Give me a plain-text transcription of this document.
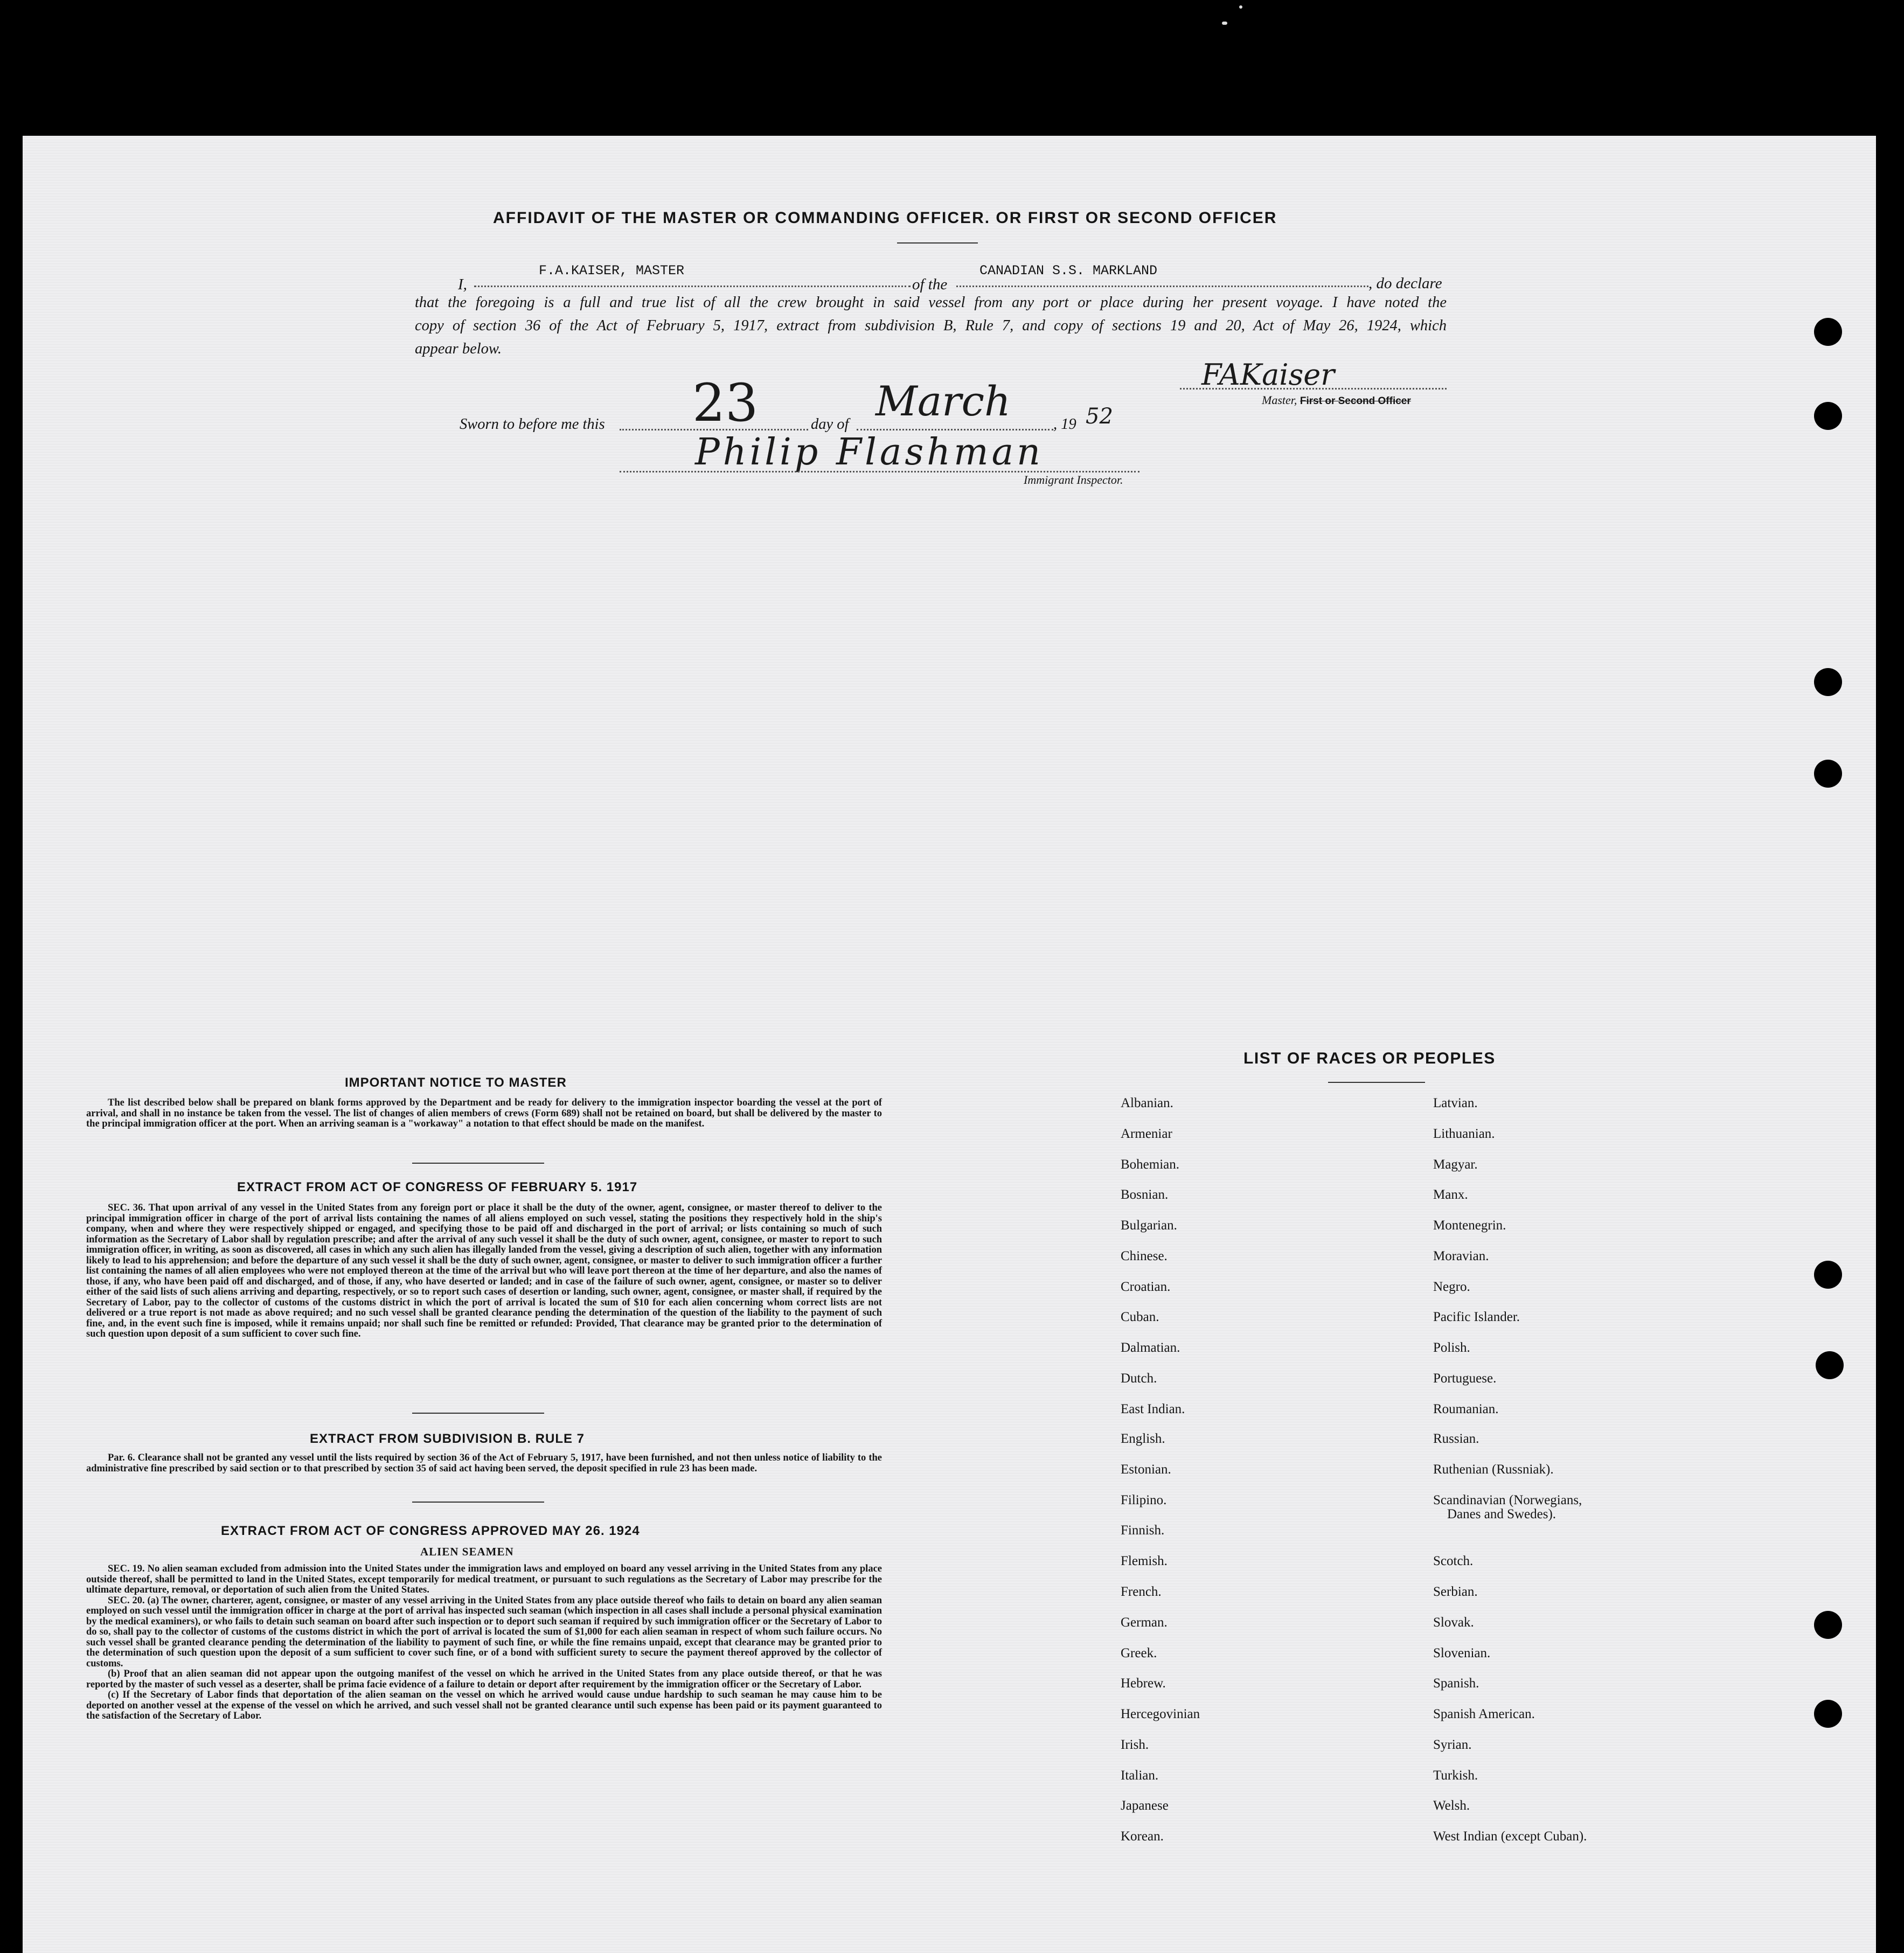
AFFIDAVIT OF THE MASTER OR COMMANDING OFFICER. OR FIRST OR SECOND OFFICER
I,
F.A.KAISER, MASTER
of the
CANADIAN S.S. MARKLAND
, do declare
that the foregoing is a full and true list of all the crew brought in said vessel from any port or place during her present voyage. I have noted the
copy of section 36 of the Act of February 5, 1917, extract from subdivision B, Rule 7, and copy of sections 19 and 20, Act of May 26, 1924, which
appear below.
FAKaiser
Master, First or Second Officer
Sworn to before me this 23	day of March	, 19 52
Philip Flashman
Immigrant Inspector.
IMPORTANT NOTICE TO MASTER

The list described below shall be prepared on blank forms approved by the Department and be ready for delivery to the immigration inspector boarding the vessel at the port of arrival, and shall in no instance be taken from the vessel. The list of changes of alien members of crews (Form 689) shall not be retained on board, but shall be delivered by the master to the principal immigration officer at the port. When an arriving seaman is a "workaway" a notation to that effect should be made on the manifest.

EXTRACT FROM ACT OF CONGRESS OF FEBRUARY 5. 1917

SEC. 36. That upon arrival of any vessel in the United States from any foreign port or place it shall be the duty of the owner, agent, consignee, or master thereof to deliver to the principal immigration officer in charge of the port of arrival lists containing the names of all aliens employed on such vessel, stating the positions they respectively hold in the ship's company, when and where they were respectively shipped or engaged, and specifying those to be paid off and discharged in the port of arrival; or lists containing so much of such information as the Secretary of Labor shall by regulation prescribe; and after the arrival of any such vessel it shall be the duty of such owner, agent, consignee, or master to report to such immigration officer, in writing, as soon as discovered, all cases in which any such alien has illegally landed from the vessel, giving a description of such alien, together with any information likely to lead to his apprehension; and before the departure of any such vessel it shall be the duty of such owner, agent, consignee, or master to deliver to such immigration officer a further list containing the names of all alien employees who were not employed thereon at the time of the arrival but who will leave port thereon at the time of her departure, and also the names of those, if any, who have been paid off and discharged, and of those, if any, who have deserted or landed; and in case of the failure of such owner, agent, consignee, or master so to deliver either of the said lists of such aliens arriving and departing, respectively, or so to report such cases of desertion or landing, such owner, agent, consignee, or master shall, if required by the Secretary of Labor, pay to the collector of customs of the customs district in which the port of arrival is located the sum of $10 for each alien concerning whom correct lists are not delivered or a true report is not made as above required; and no such vessel shall be granted clearance pending the determination of the question of the liability to the payment of such fine, and, in the event such fine is imposed, while it remains unpaid; nor shall such fine be remitted or refunded: Provided, That clearance may be granted prior to the determination of such question upon deposit of a sum sufficient to cover such fine.

EXTRACT FROM SUBDIVISION B. RULE 7

Par. 6. Clearance shall not be granted any vessel until the lists required by section 36 of the Act of February 5, 1917, have been furnished, and not then unless notice of liability to the administrative fine prescribed by said section or to that prescribed by section 35 of said act having been served, the deposit specified in rule 23 has been made.

EXTRACT FROM ACT OF CONGRESS APPROVED MAY 26. 1924
ALIEN SEAMEN

SEC. 19. No alien seaman excluded from admission into the United States under the immigration laws and employed on board any vessel arriving in the United States from any place outside thereof, shall be permitted to land in the United States, except temporarily for medical treatment, or pursuant to such regulations as the Secretary of Labor may prescribe for the ultimate departure, removal, or deportation of such alien from the United States.

SEC. 20. (a) The owner, charterer, agent, consignee, or master of any vessel arriving in the United States from any place outside thereof who fails to detain on board any alien seaman employed on such vessel until the immigration officer in charge at the port of arrival has inspected such seaman (which inspection in all cases shall include a personal physical examination by the medical examiners), or who fails to detain such seaman on board after such inspection or to deport such seaman if required by such immigration officer or the Secretary of Labor to do so, shall pay to the collector of customs of the customs district in which the port of arrival is located the sum of $1,000 for each alien seaman in respect of whom such failure occurs. No such vessel shall be granted clearance pending the determination of the liability to payment of such fine, or while the fine remains unpaid, except that clearance may be granted prior to the determination of such question upon the deposit of a sum sufficient to cover such fine, or of a bond with sufficient surety to secure the payment thereof approved by the collector of customs.

(b) Proof that an alien seaman did not appear upon the outgoing manifest of the vessel on which he arrived in the United States from any place outside thereof, or that he was reported by the master of such vessel as a deserter, shall be prima facie evidence of a failure to detain or deport after requirement by the immigration officer or the Secretary of Labor.

(c) If the Secretary of Labor finds that deportation of the alien seaman on the vessel on which he arrived would cause undue hardship to such seaman he may cause him to be deported on another vessel at the expense of the vessel on which he arrived, and such vessel shall not be granted clearance until such expense has been paid or its payment guaranteed to the satisfaction of the Secretary of Labor.

LIST OF RACES OR PEOPLES
Albanian.
Armeniar
Bohemian.
Bosnian.
Bulgarian.
Chinese.
Croatian.
Cuban.
Dalmatian.
Dutch.
East Indian.
English.
Estonian.
Filipino.
Finnish.
Flemish.
French.
German.
Greek.
Hebrew.
Hercegovinian
Irish.
Italian.
Japanese
Korean.
Latvian.
Lithuanian.
Magyar.
Manx.
Montenegrin.
Moravian.
Negro.
Pacific Islander.
Polish.
Portuguese.
Roumanian.
Russian.
Ruthenian (Russniak).
Scandinavian (Norwegians,
Danes and Swedes).
Scotch.
Serbian.
Slovak.
Slovenian.
Spanish.
Spanish American.
Syrian.
Turkish.
Welsh.
West Indian (except Cuban).
